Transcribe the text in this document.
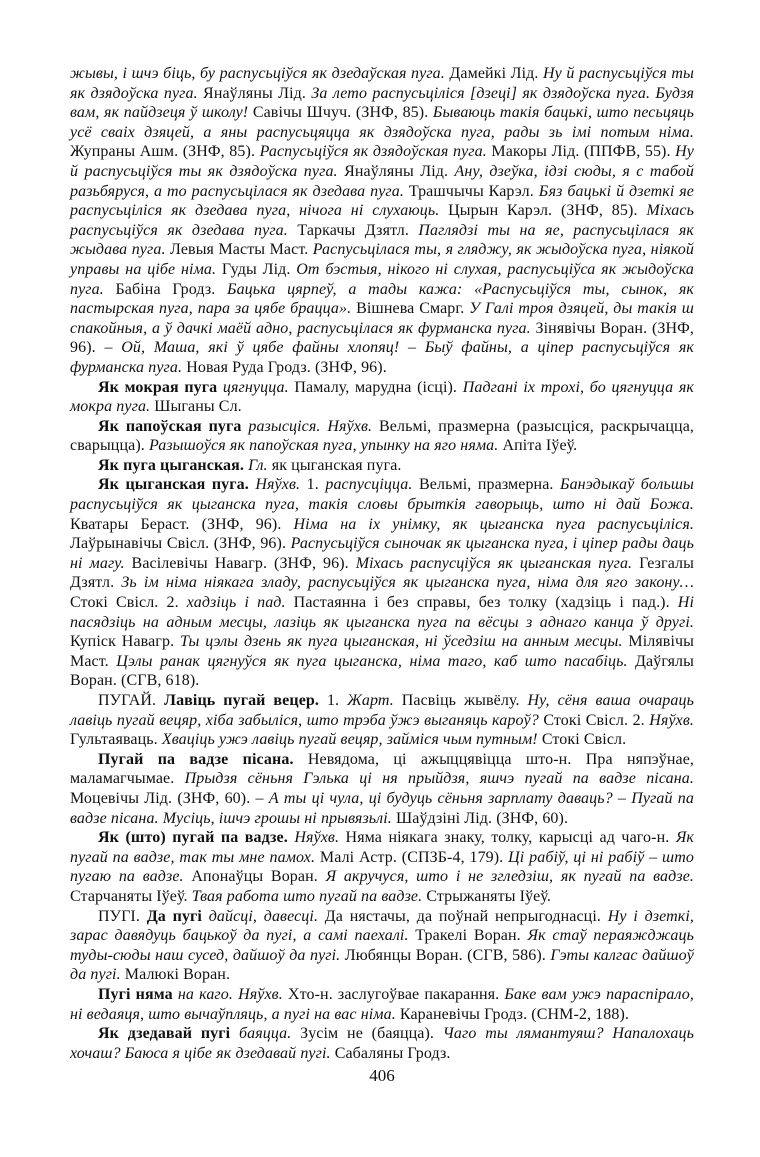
жывы, і шчэ біць, бу распусьціўся як дзедаўская пуга. Дамейкі Лід. Ну й распусьціўся ты як дзядоўска пуга. Янаўляны Лід. За лето распусьціліся [дзеці] як дзядоўска пуга. Будзя вам, як пайдзеця ў школу! Савічы Шчуч. (ЗНФ, 85). Бываюць такія бацькі, што песьцяць усё сваіх дзяцей, а яны распусьцяцца як дзядоўска пуга, рады зь імі потым німа. Жупраны Ашм. (ЗНФ, 85). Распусьціўся як дзядоўская пуга. Макоры Лід. (ППФВ, 55). Ну й распусьціўся ты як дзядоўска пуга. Янаўляны Лід. Ану, дзеўка, ідзі сюды, я с табой разьбяруся, а то распусьцілася як дзедава пуга. Трашчычы Карэл. Бяз бацькі й дзеткі яе распусьціліся як дзедава пуга, нічога ні слухаюць. Цырын Карэл. (ЗНФ, 85). Міхась распусьціўся як дзедава пуга. Таркачы Дзятл. Паглядзі ты на яе, распусьцілася як жыдава пуга. Левыя Масты Маст. Распусьцілася ты, я гляджу, як жыдоўска пуга, ніякой управы на цібе німа. Гуды Лід. От бэстыя, нікого ні слухая, распусьціўса як жыдоўска пуга. Бабіна Гродз. Бацька цярпеў, а тады кажа: «Распусьціўся ты, сынок, як пастырская пуга, пара за цябе брацца». Вішнева Смарг. У Галі троя дзяцей, ды такія ш спакойныя, а ў дачкі маёй адно, распусьцілася як фурманска пуга. Зінявічы Воран. (ЗНФ, 96). – Ой, Маша, які ў цябе файны хлопяц! – Быў файны, а ціпер распусьціўся як фурманска пуга. Новая Руда Гродз. (ЗНФ, 96).

Як мокрая пуга цягнуцца. Памалу, марудна (ісці). Падгані іх трохі, бо цягнуцца як мокра пуга. Шыганы Сл.

Як папоўская пуга разысціся. Няўхв. Вельмі, празмерна (разысціся, раскрычацца, сварыцца). Разышоўся як папоўская пуга, упынку на яго няма. Апіта Іўеў.

Як пуга цыганская. Гл. як цыганская пуга.

Як цыганская пуга. Няўхв. 1. распусціцца. Вельмі, празмерна. Банэдыкаў большы распусьціўся як цыганска пуга, такія словы брыткія гаворыць, што ні дай Божа. Кватары Бераст. (ЗНФ, 96). Німа на іх унімку, як цыганска пуга распусьціліся. Лаўрынавічы Свісл. (ЗНФ, 96). Распусьціўся сыночак як цыганска пуга, і ціпер рады даць ні магу. Васілевічы Навагр. (ЗНФ, 96). Міхась распусціўся як цыганская пуга. Гезгалы Дзятл. Зь ім німа ніякага зладу, распусьціўся як цыганска пуга, німа для яго закону… Стокі Свісл. 2. хадзіць і пад. Пастаянна і без справы, без толку (хадзіць і пад.). Ні пасядзіць на адным месцы, лазіць як цыганска пуга па вёсцы з аднаго канца ў другі. Купіск Навагр. Ты цэлы дзень як пуга цыганская, ні ўседзіш на анным месцы. Мілявічы Маст. Цэлы ранак цягнуўся як пуга цыганска, німа таго, каб што пасабіць. Даўгялы Воран. (СГВ, 618).

ПУГАЙ. Лавіць пугай вецер. 1. Жарт. Пасвіць жывёлу. Ну, сёня ваша очараць лавіць пугай вецяр, хіба забыліся, што трэба ўжэ выганяць кароў? Стокі Свісл. 2. Няўхв. Гультаяваць. Хваціць ужэ лавіць пугай вецяр, займіся чым путным! Стокі Свісл.

Пугай па вадзе пісана. Невядома, ці ажыццявіцца што-н. Пра няпэўнае, маламагчымае. Прыдзя сёньня Гэлька ці ня прыйдзя, яшчэ пугай па вадзе пісана. Моцевічы Лід. (ЗНФ, 60). – А ты ці чула, ці будуць сёньня зарплату даваць? – Пугай па вадзе пісана. Мусіць, ішчэ грошы ні прывязьлі. Шаўдзіні Лід. (ЗНФ, 60).

Як (што) пугай па вадзе. Няўхв. Няма ніякага знаку, толку, карысці ад чаго-н. Як пугай па вадзе, так ты мне памох. Малі Астр. (СПЗБ-4, 179). Ці рабіў, ці ні рабіў – што пугаю па вадзе. Апонаўцы Воран. Я акручуся, што і не згледзіш, як пугай па вадзе. Старчаняты Іўеў. Твая работа што пугай па вадзе. Стрыжаняты Іўеў.

ПУГІ. Да пугі дайсці, давесці. Да нястачы, да поўнай непрыгоднасці. Ну і дзеткі, зарас давядуць бацькоў да пугі, а самі паехалі. Тракелі Воран. Як стаў пераяжджаць туды-сюды наш сусед, дайшоў да пугі. Любянцы Воран. (СГВ, 586). Гэты калгас дайшоў да пугі. Малюкі Воран.

Пугі няма на каго. Няўхв. Хто-н. заслугоўвае пакарання. Баке вам ужэ параспірало, ні ведаяця, што вычаўпляць, а пугі на вас німа. Караневічы Гродз. (СНМ-2, 188).

Як дзедавай пугі баяцца. Зусім не (баяцца). Чаго ты лямантуяш? Напалохаць хочаш? Баюса я цібе як дзедавай пугі. Сабаляны Гродз.

406
